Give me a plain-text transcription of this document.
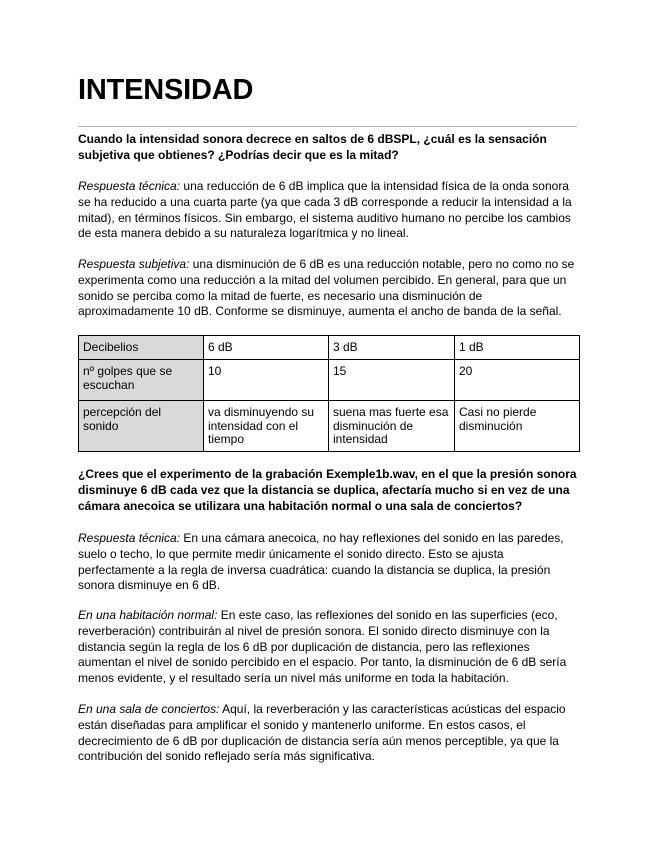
INTENSIDAD
Cuando la intensidad sonora decrece en saltos de 6 dBSPL, ¿cuál es la sensación subjetiva que obtienes? ¿Podrías decir que es la mitad?
Respuesta técnica: una reducción de 6 dB implica que la intensidad física de la onda sonora se ha reducido a una cuarta parte (ya que cada 3 dB corresponde a reducir la intensidad a la mitad), en términos físicos. Sin embargo, el sistema auditivo humano no percibe los cambios de esta manera debido a su naturaleza logarítmica y no lineal.
Respuesta subjetiva: una disminución de 6 dB es una reducción notable, pero no como no se experimenta como una reducción a la mitad del volumen percibido. En general, para que un sonido se perciba como la mitad de fuerte, es necesario una disminución de aproximadamente 10 dB. Conforme se disminuye, aumenta el ancho de banda de la señal.
Decibelios	6 dB	3 dB	1 dB
nº golpes que se escuchan	10	15	20
percepción del sonido	va disminuyendo su intensidad con el tiempo	suena mas fuerte esa disminución de intensidad	Casi no pierde disminución
¿Crees que el experimento de la grabación Exemple1b.wav, en el que la presión sonora disminuye 6 dB cada vez que la distancia se duplica, afectaría mucho si en vez de una cámara anecoica se utilizara una habitación normal o una sala de conciertos?
Respuesta técnica: En una cámara anecoica, no hay reflexiones del sonido en las paredes, suelo o techo, lo que permite medir únicamente el sonido directo. Esto se ajusta perfectamente a la regla de inversa cuadrática: cuando la distancia se duplica, la presión sonora disminuye en 6 dB.
En una habitación normal: En este caso, las reflexiones del sonido en las superficies (eco, reverberación) contribuirán al nivel de presión sonora. El sonido directo disminuye con la distancia según la regla de los 6 dB por duplicación de distancia, pero las reflexiones aumentan el nivel de sonido percibido en el espacio. Por tanto, la disminución de 6 dB sería menos evidente, y el resultado sería un nivel más uniforme en toda la habitación.
En una sala de conciertos: Aquí, la reverberación y las características acústicas del espacio están diseñadas para amplificar el sonido y mantenerlo uniforme. En estos casos, el decrecimiento de 6 dB por duplicación de distancia sería aún menos perceptible, ya que la contribución del sonido reflejado sería más significativa.
